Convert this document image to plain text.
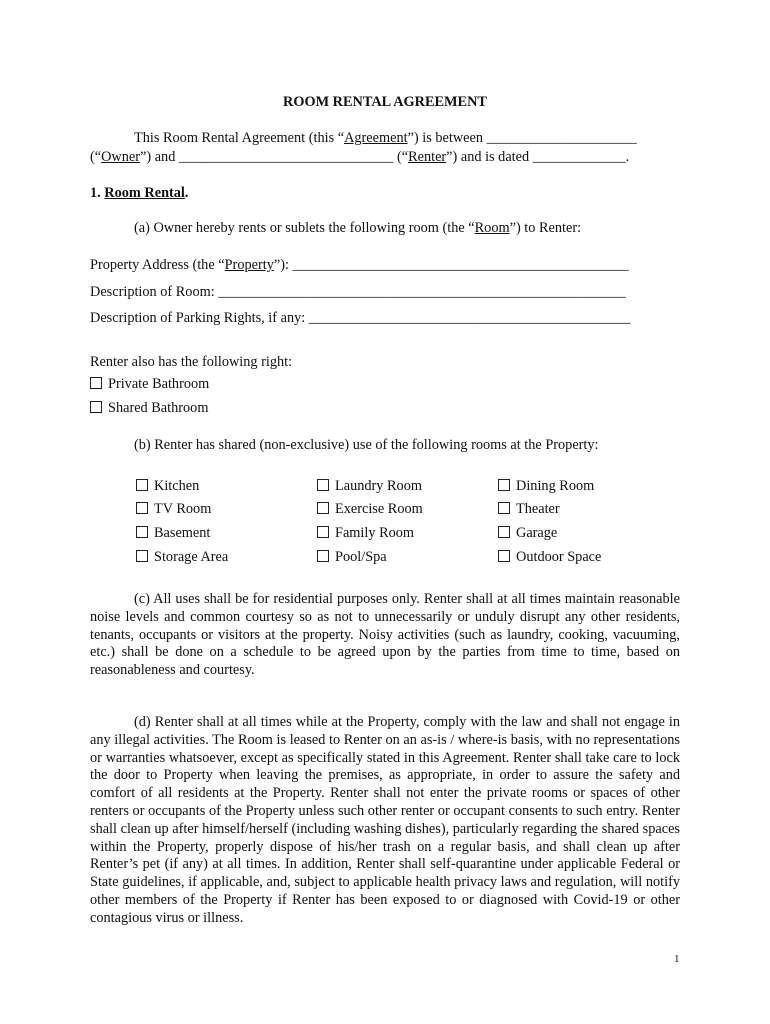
ROOM RENTAL AGREEMENT
This Room Rental Agreement (this “Agreement”) is between _____________________
(“Owner”) and ______________________________ (“Renter”) and is dated _____________.
1. Room Rental.
(a) Owner hereby rents or sublets the following room (the “Room”) to Renter:
Property Address (the “Property”): _______________________________________________
Description of Room: _________________________________________________________
Description of Parking Rights, if any: _____________________________________________
Renter also has the following right:
Private Bathroom
Shared Bathroom
(b) Renter has shared (non-exclusive) use of the following rooms at the Property:
Kitchen
TV Room
Basement
Storage Area
Laundry Room
Exercise Room
Family Room
Pool/Spa
Dining Room
Theater
Garage
Outdoor Space
(c) All uses shall be for residential purposes only. Renter shall at all times maintain reasonable noise levels and common courtesy so as not to unnecessarily or unduly disrupt any other residents, tenants, occupants or visitors at the property. Noisy activities (such as laundry, cooking, vacuuming, etc.) shall be done on a schedule to be agreed upon by the parties from time to time, based on reasonableness and courtesy.
(d) Renter shall at all times while at the Property, comply with the law and shall not engage in any illegal activities. The Room is leased to Renter on an as-is / where-is basis, with no representations or warranties whatsoever, except as specifically stated in this Agreement. Renter shall take care to lock the door to Property when leaving the premises, as appropriate, in order to assure the safety and comfort of all residents at the Property. Renter shall not enter the private rooms or spaces of other renters or occupants of the Property unless such other renter or occupant consents to such entry. Renter shall clean up after himself/herself (including washing dishes), particularly regarding the shared spaces within the Property, properly dispose of his/her trash on a regular basis, and shall clean up after Renter’s pet (if any) at all times. In addition, Renter shall self-quarantine under applicable Federal or State guidelines, if applicable, and, subject to applicable health privacy laws and regulation, will notify other members of the Property if Renter has been exposed to or diagnosed with Covid-19 or other contagious virus or illness.
1
